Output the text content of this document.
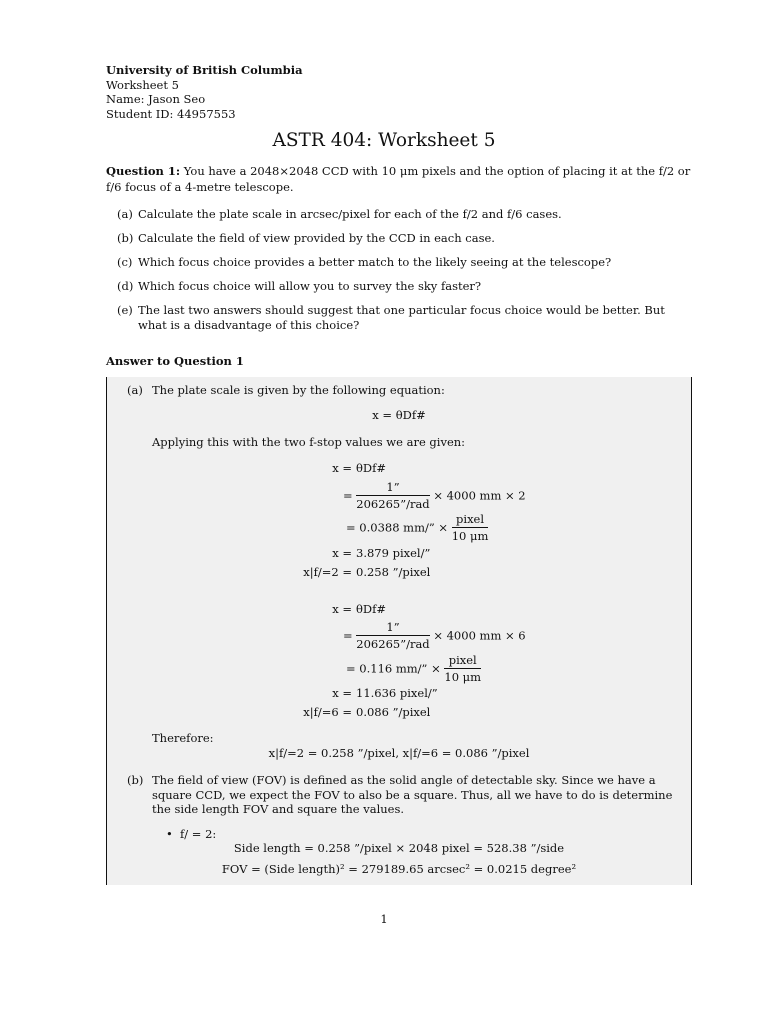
University of British Columbia
Worksheet 5
Name: Jason Seo
Student ID: 44957553
ASTR 404: Worksheet 5
Question 1: You have a 2048×2048 CCD with 10 μm pixels and the option of placing it at the f/2 or f/6 focus of a 4-metre telescope.
(a) Calculate the plate scale in arcsec/pixel for each of the f/2 and f/6 cases.
(b) Calculate the field of view provided by the CCD in each case.
(c) Which focus choice provides a better match to the likely seeing at the telescope?
(d) Which focus choice will allow you to survey the sky faster?
(e) The last two answers should suggest that one particular focus choice would be better. But what is a disadvantage of this choice?
Answer to Question 1
(a) The plate scale is given by the following equation:
x = θDf#
Applying this with the two f-stop values we are given:
x = θDf#
= $\frac{1”}{\text{206265”/rad}} \times 4000$ mm × 2
= 0.0388 mm/” × $\frac{\text{pixel}}{10 \mu m}$
x = 3.879 pixel/”
x|f/=2 = 0.258 ”/pixel
x = θDf#
= $\frac{1”}{\text{206265”/rad}} \times 4000$ mm × 6
= 0.116 mm/” × $\frac{\text{pixel}}{10 \mu m}$
x = 11.636 pixel/”
x|f/=6 = 0.086 ”/pixel
Therefore:
x|f/=2 = 0.258 ”/pixel, x|f/=6 = 0.086 ”/pixel
(b) The field of view (FOV) is defined as the solid angle of detectable sky. Since we have a square CCD, we expect the FOV to also be a square. Thus, all we have to do is determine the side length FOV and square the values.
• f/ = 2:
Side length = 0.258 ”/pixel × 2048 pixel = 528.38 ”/side
FOV = (Side length)² = 279189.65 arcsec² = 0.0215 degree²
1
